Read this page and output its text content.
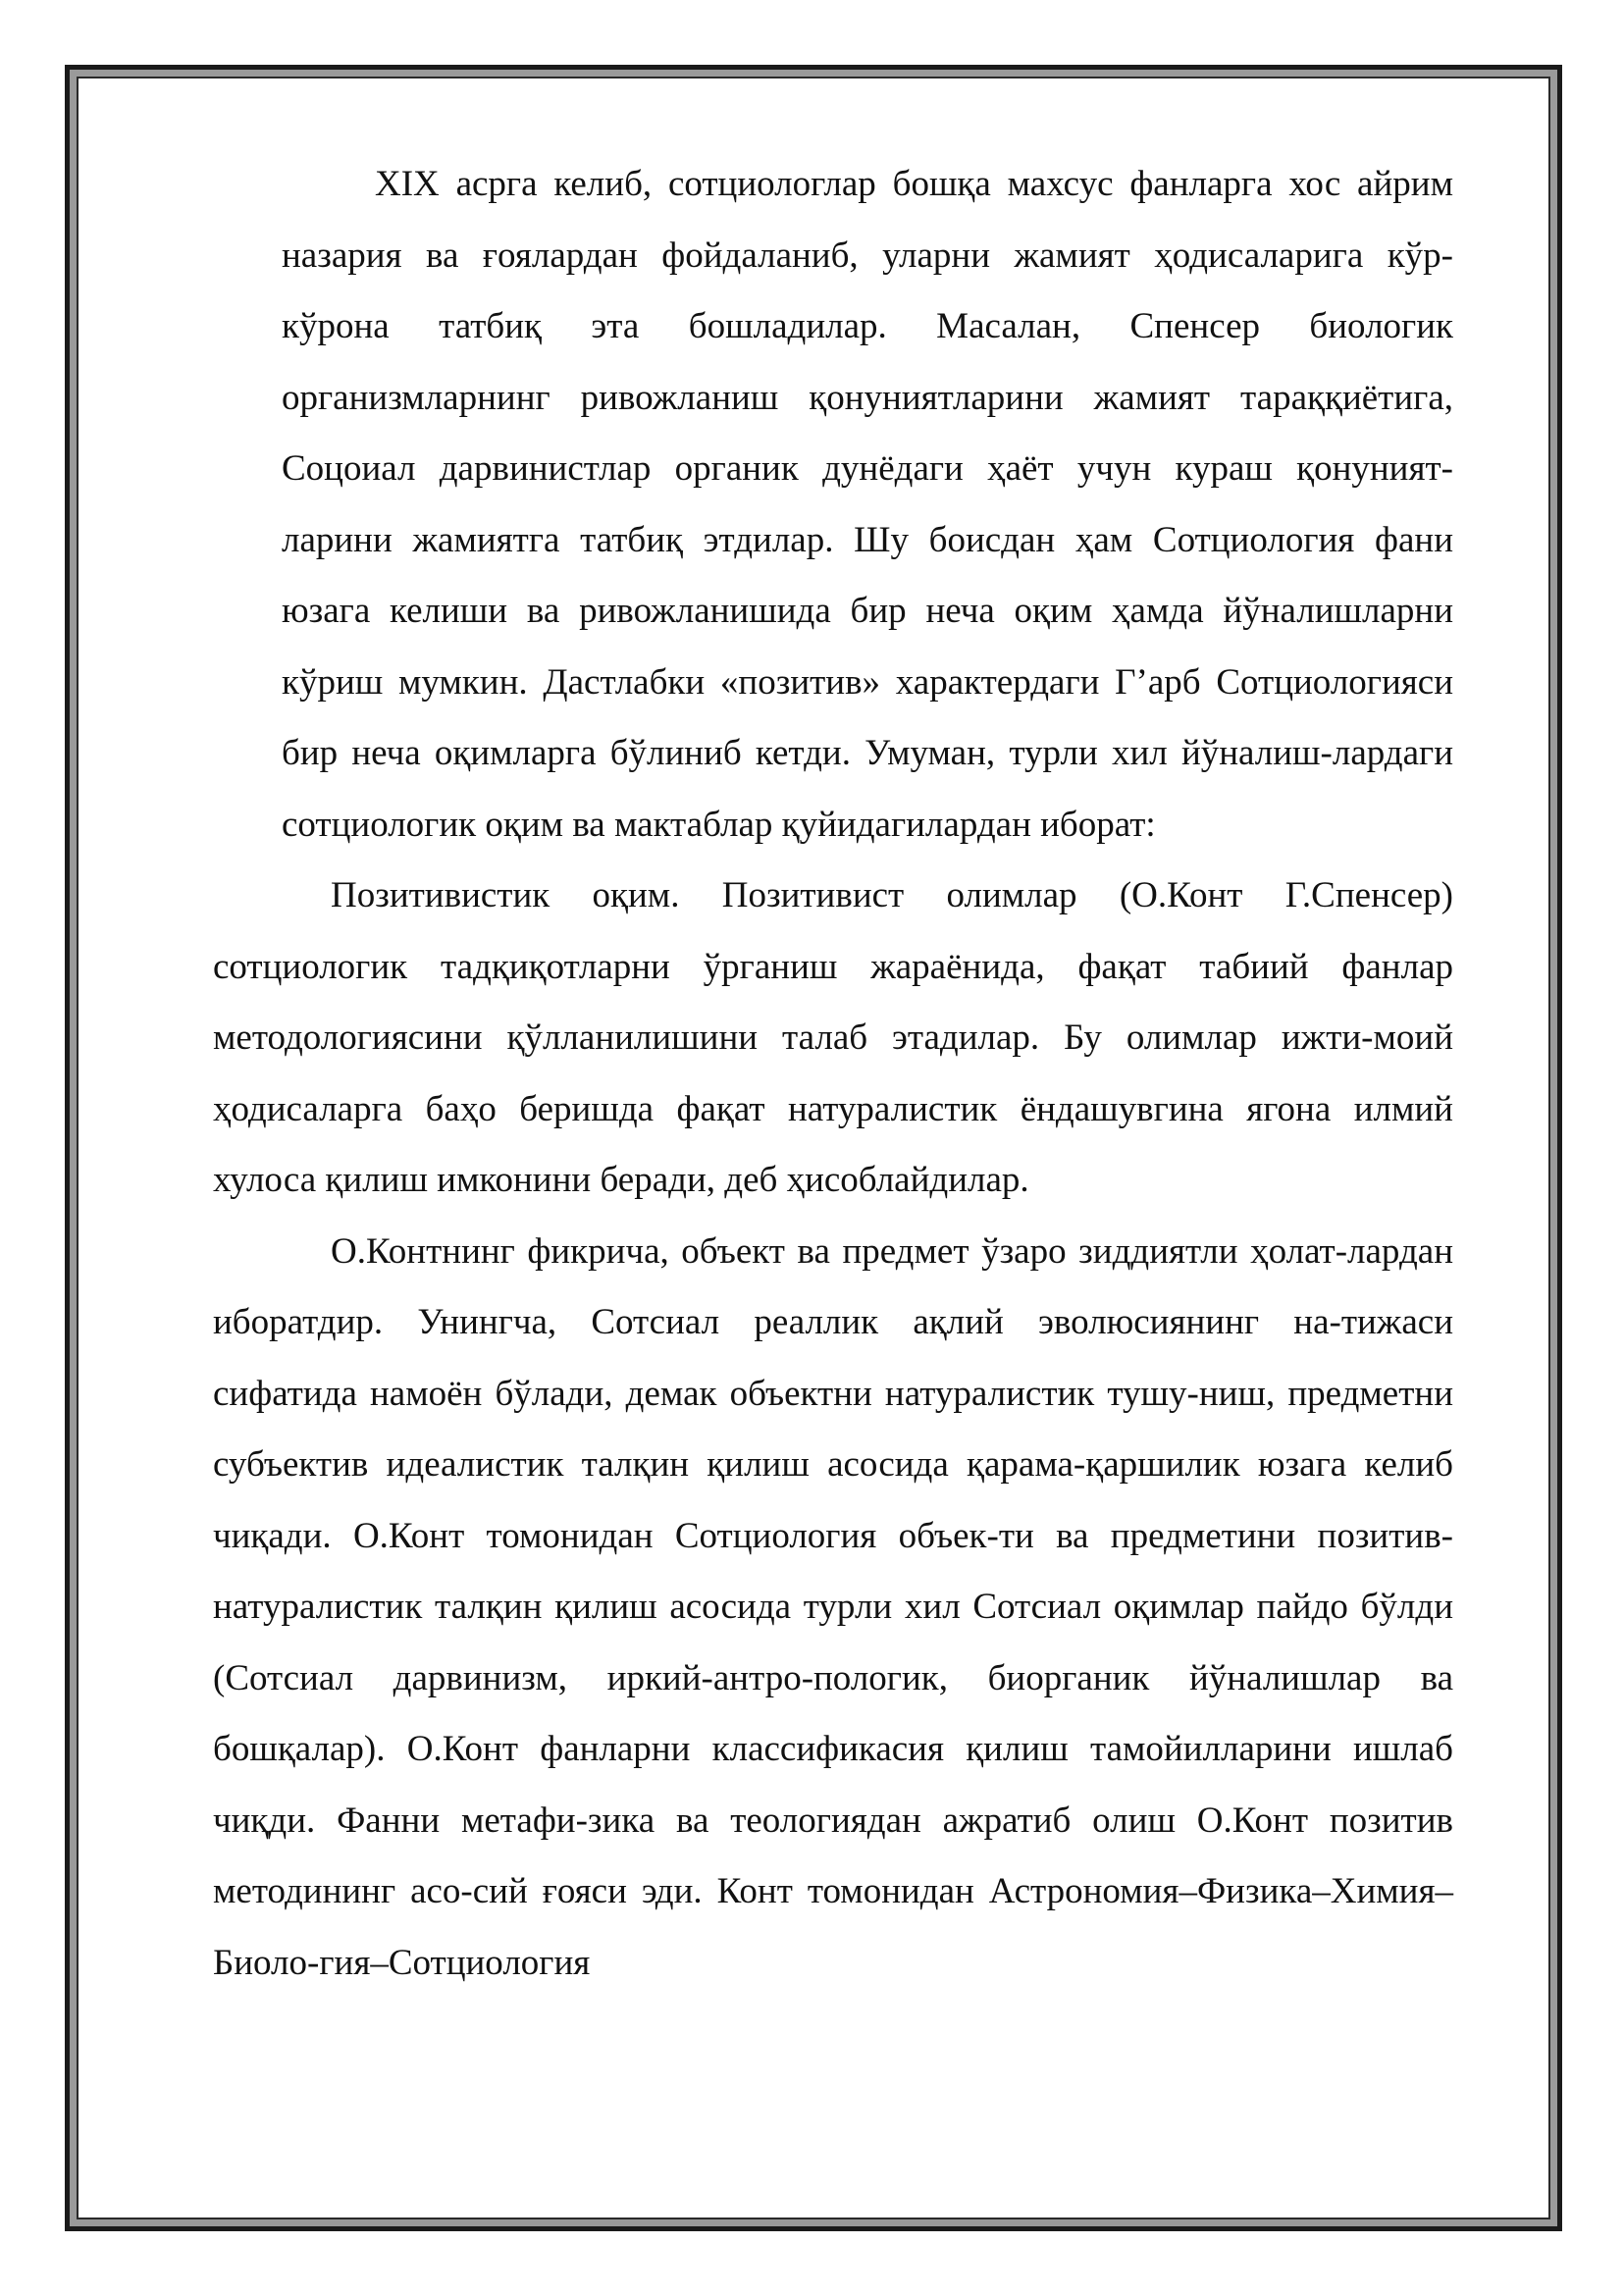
XIX асрга келиб, сотциологлар бошқа махсус фанларга хос айрим назария ва ғоялардан фойдаланиб, уларни жамият ҳодисаларига кўр-кўрона татбиқ эта бошладилар. Масалан, Спенсер биологик организмларнинг ривожланиш қонуниятларини жамият тараққиётига, Соцоиал дарвинистлар органик дунёдаги ҳаёт учун кураш қонуният-ларини жамиятга татбиқ этдилар. Шу боисдан ҳам Сотциология фани юзага келиши ва ривожланишида бир неча оқим ҳамда йўналишларни кўриш мумкин. Дастлабки «позитив» характердаги Г’арб Сотциологияси бир неча оқимларга бўлиниб кетди. Умуман, турли хил йўналиш-лардаги сотциологик оқим ва мактаблар қуйидагилардан иборат:

Позитивистик оқим. Позитивист олимлар (О.Конт Г.Спенсер) сотциологик тадқиқотларни ўрганиш жараёнида, фақат табиий фанлар методологиясини қўлланилишини талаб этадилар. Бу олимлар ижти-моий ҳодисаларга баҳо беришда фақат натуралистик ёндашувгина ягона илмий хулоса қилиш имконини беради, деб ҳисоблайдилар.

О.Контнинг фикрича, объект ва предмет ўзаро зиддиятли ҳолат-лардан иборатдир. Унингча, Сотсиал реаллик ақлий эволюсиянинг на-тижаси сифатида намоён бўлади, демак объектни натуралистик тушу-ниш, предметни субъектив идеалистик талқин қилиш асосида қарама-қаршилик юзага келиб чиқади. О.Конт томонидан Сотциология объек-ти ва предметини позитив-натуралистик талқин қилиш асосида турли хил Сотсиал оқимлар пайдо бўлди (Сотсиал дарвинизм, иркий-антро-пологик, биорганик йўналишлар ва бошқалар). О.Конт фанларни классификасия қилиш тамойилларини ишлаб чиқди. Фанни метафи-зика ва теологиядан ажратиб олиш О.Конт позитив методининг асо-сий ғояси эди. Конт томонидан Астрономия–Физика–Химия–Биоло-гия–Сотциология
